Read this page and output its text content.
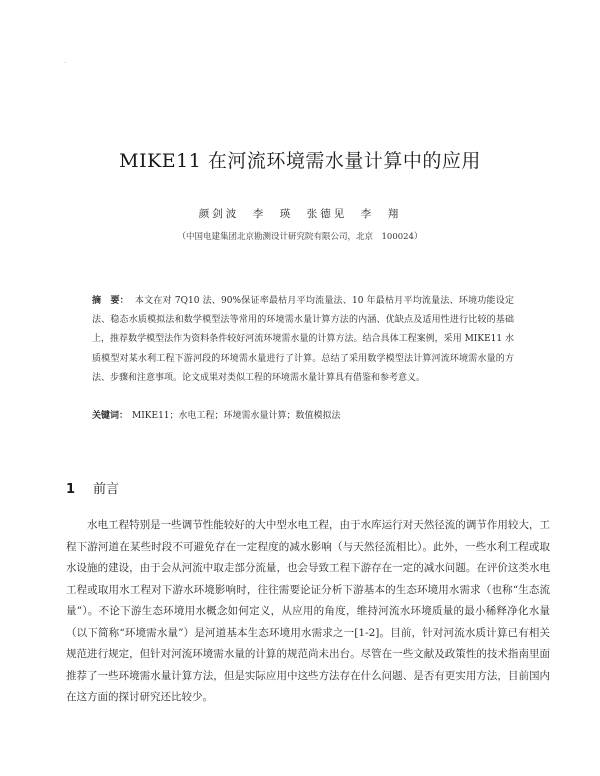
·
MIKE11 在河流环境需水量计算中的应用
颜剑波　李　瑛　张德见　李　翔
（中国电建集团北京勘测设计研究院有限公司，北京　100024）
摘　要： 本文在对 7Q10 法、90%保证率最枯月平均流量法、10 年最枯月平均流量法、环境功能设定法、稳态水质模拟法和数学模型法等常用的环境需水量计算方法的内涵、优缺点及适用性进行比较的基础上，推荐数学模型法作为资料条件较好河流环境需水量的计算方法。结合具体工程案例，采用 MIKE11 水质模型对某水利工程下游河段的环境需水量进行了计算。总结了采用数学模型法计算河流环境需水量的方法、步骤和注意事项。论文成果对类似工程的环境需水量计算具有借鉴和参考意义。
关键词： MIKE11；水电工程；环境需水量计算；数值模拟法
1 前言
水电工程特别是一些调节性能较好的大中型水电工程，由于水库运行对天然径流的调节作用较大，工程下游河道在某些时段不可避免存在一定程度的减水影响（与天然径流相比）。此外，一些水利工程或取水设施的建设，由于会从河流中取走部分流量，也会导致工程下游存在一定的减水问题。在评价这类水电工程或取用水工程对下游水环境影响时，往往需要论证分析下游基本的生态环境用水需求（也称“生态流量”）。不论下游生态环境用水概念如何定义，从应用的角度，维持河流水环境质量的最小稀释净化水量（以下简称“环境需水量”）是河道基本生态环境用水需求之一[1-2]。目前，针对河流水质计算已有相关规范进行规定，但针对河流环境需水量的计算的规范尚未出台。尽管在一些文献及政策性的技术指南里面推荐了一些环境需水量计算方法，但是实际应用中这些方法存在什么问题、是否有更实用方法，目前国内在这方面的探讨研究还比较少。
